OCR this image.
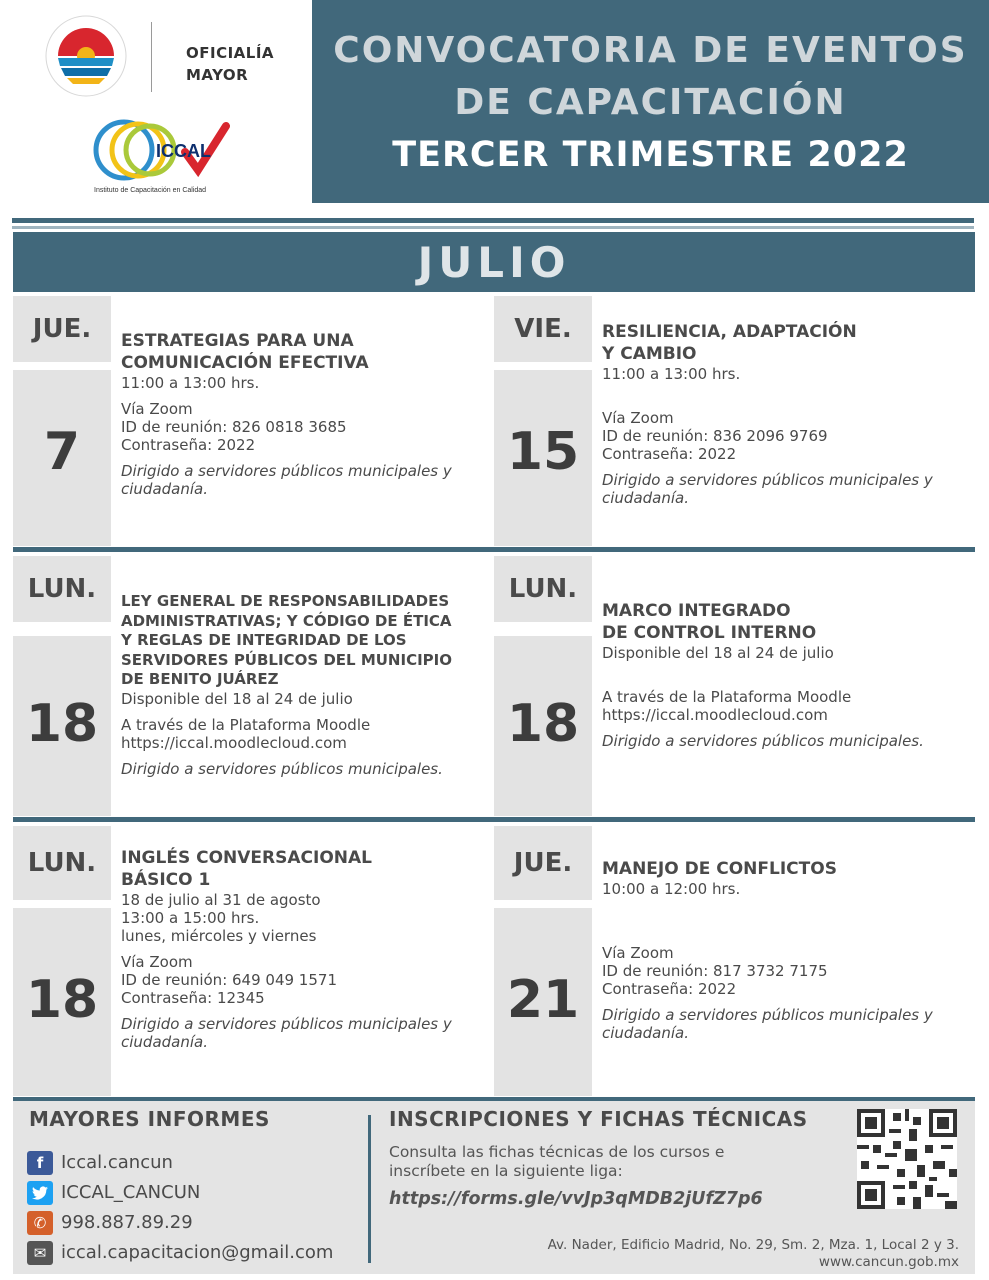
OFICIALÍA MAYOR
ICCAL
Instituto de Capacitación en Calidad
CONVOCATORIA DE EVENTOS
DE CAPACITACIÓN
TERCER TRIMESTRE 2022
JULIO
JUE.
7
ESTRATEGIAS PARA UNA
COMUNICACIÓN EFECTIVA
11:00 a 13:00 hrs.
Vía Zoom
ID de reunión: 826 0818 3685
Contraseña: 2022
Dirigido a servidores públicos municipales y ciudadanía.
VIE.
15
RESILIENCIA, ADAPTACIÓN
Y CAMBIO
11:00 a 13:00 hrs.
Vía Zoom
ID de reunión: 836 2096 9769
Contraseña: 2022
Dirigido a servidores públicos municipales y ciudadanía.
LUN.
18
LEY GENERAL DE RESPONSABILIDADES
ADMINISTRATIVAS; Y CÓDIGO DE ÉTICA
Y REGLAS DE INTEGRIDAD DE LOS
SERVIDORES PÚBLICOS DEL MUNICIPIO
DE BENITO JUÁREZ
Disponible del 18 al 24 de julio
A través de la Plataforma Moodle
https://iccal.moodlecloud.com
Dirigido a servidores públicos municipales.
LUN.
18
MARCO INTEGRADO
DE CONTROL INTERNO
Disponible del 18 al 24 de julio
A través de la Plataforma Moodle
https://iccal.moodlecloud.com
Dirigido a servidores públicos municipales.
LUN.
18
INGLÉS CONVERSACIONAL
BÁSICO 1
18 de julio al 31 de agosto
13:00 a 15:00 hrs.
lunes, miércoles y viernes
Vía Zoom
ID de reunión: 649 049 1571
Contraseña: 12345
Dirigido a servidores públicos municipales y ciudadanía.
JUE.
21
MANEJO DE CONFLICTOS
10:00 a 12:00 hrs.
Vía Zoom
ID de reunión: 817 3732 7175
Contraseña: 2022
Dirigido a servidores públicos municipales y ciudadanía.
MAYORES INFORMES
f Iccal.cancun
ICCAL_CANCUN
✆ 998.887.89.29
✉ iccal.capacitacion@gmail.com
INSCRIPCIONES Y FICHAS TÉCNICAS
Consulta las fichas técnicas de los cursos e inscríbete en la siguiente liga:
https://forms.gle/vvJp3qMDB2jUfZ7p6
Av. Nader, Edificio Madrid, No. 29, Sm. 2, Mza. 1, Local 2 y 3.
www.cancun.gob.mx
